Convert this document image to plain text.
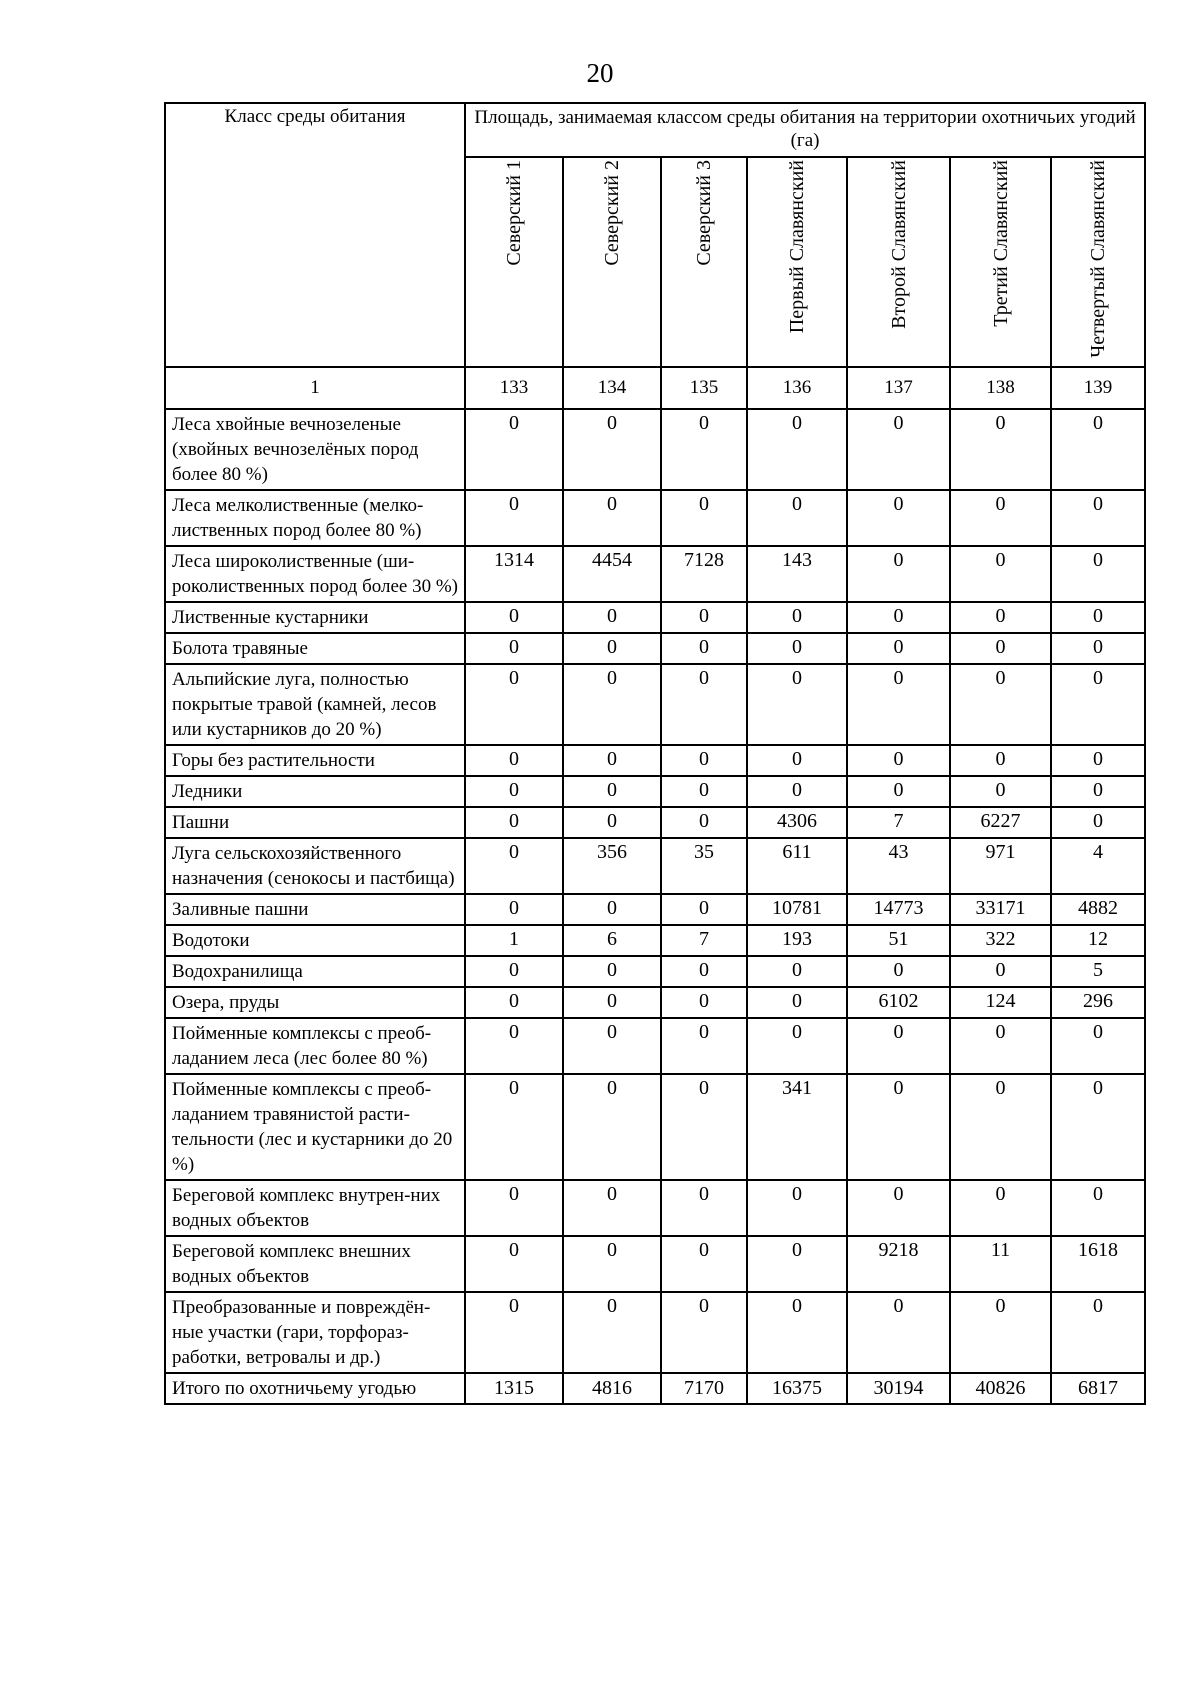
20
Класс среды обитания	Площадь, занимаемая классом среды обитания на территории охотничьих угодий (га)						
	Северский 1	Северский 2	Северский 3	Первый Славянский	Второй Славянский	Третий Славянский	Четвертый Славянский
1	133	134	135	136	137	138	139
Леса хвойные вечнозеленые (хвойных вечнозелёных пород более 80 %)	0	0	0	0	0	0	0
Леса мелколиственные (мелко-лиственных пород более 80 %)	0	0	0	0	0	0	0
Леса широколиственные (ши-роколиственных пород более 30 %)	1314	4454	7128	143	0	0	0
Лиственные кустарники	0	0	0	0	0	0	0
Болота травяные	0	0	0	0	0	0	0
Альпийские луга, полностью покрытые травой (камней, лесов или кустарников до 20 %)	0	0	0	0	0	0	0
Горы без растительности	0	0	0	0	0	0	0
Ледники	0	0	0	0	0	0	0
Пашни	0	0	0	4306	7	6227	0
Луга сельскохозяйственного назначения (сенокосы и пастбища)	0	356	35	611	43	971	4
Заливные пашни	0	0	0	10781	14773	33171	4882
Водотоки	1	6	7	193	51	322	12
Водохранилища	0	0	0	0	0	0	5
Озера, пруды	0	0	0	0	6102	124	296
Пойменные комплексы с преоб-ладанием леса (лес более 80 %)	0	0	0	0	0	0	0
Пойменные комплексы с преоб-ладанием травянистой расти-тельности (лес и кустарники до 20 %)	0	0	0	341	0	0	0
Береговой комплекс внутрен-них водных объектов	0	0	0	0	0	0	0
Береговой комплекс внешних водных объектов	0	0	0	0	9218	11	1618
Преобразованные и повреждён-ные участки (гари, торфораз-работки, ветровалы и др.)	0	0	0	0	0	0	0
Итого по охотничьему угодью	1315	4816	7170	16375	30194	40826	6817
